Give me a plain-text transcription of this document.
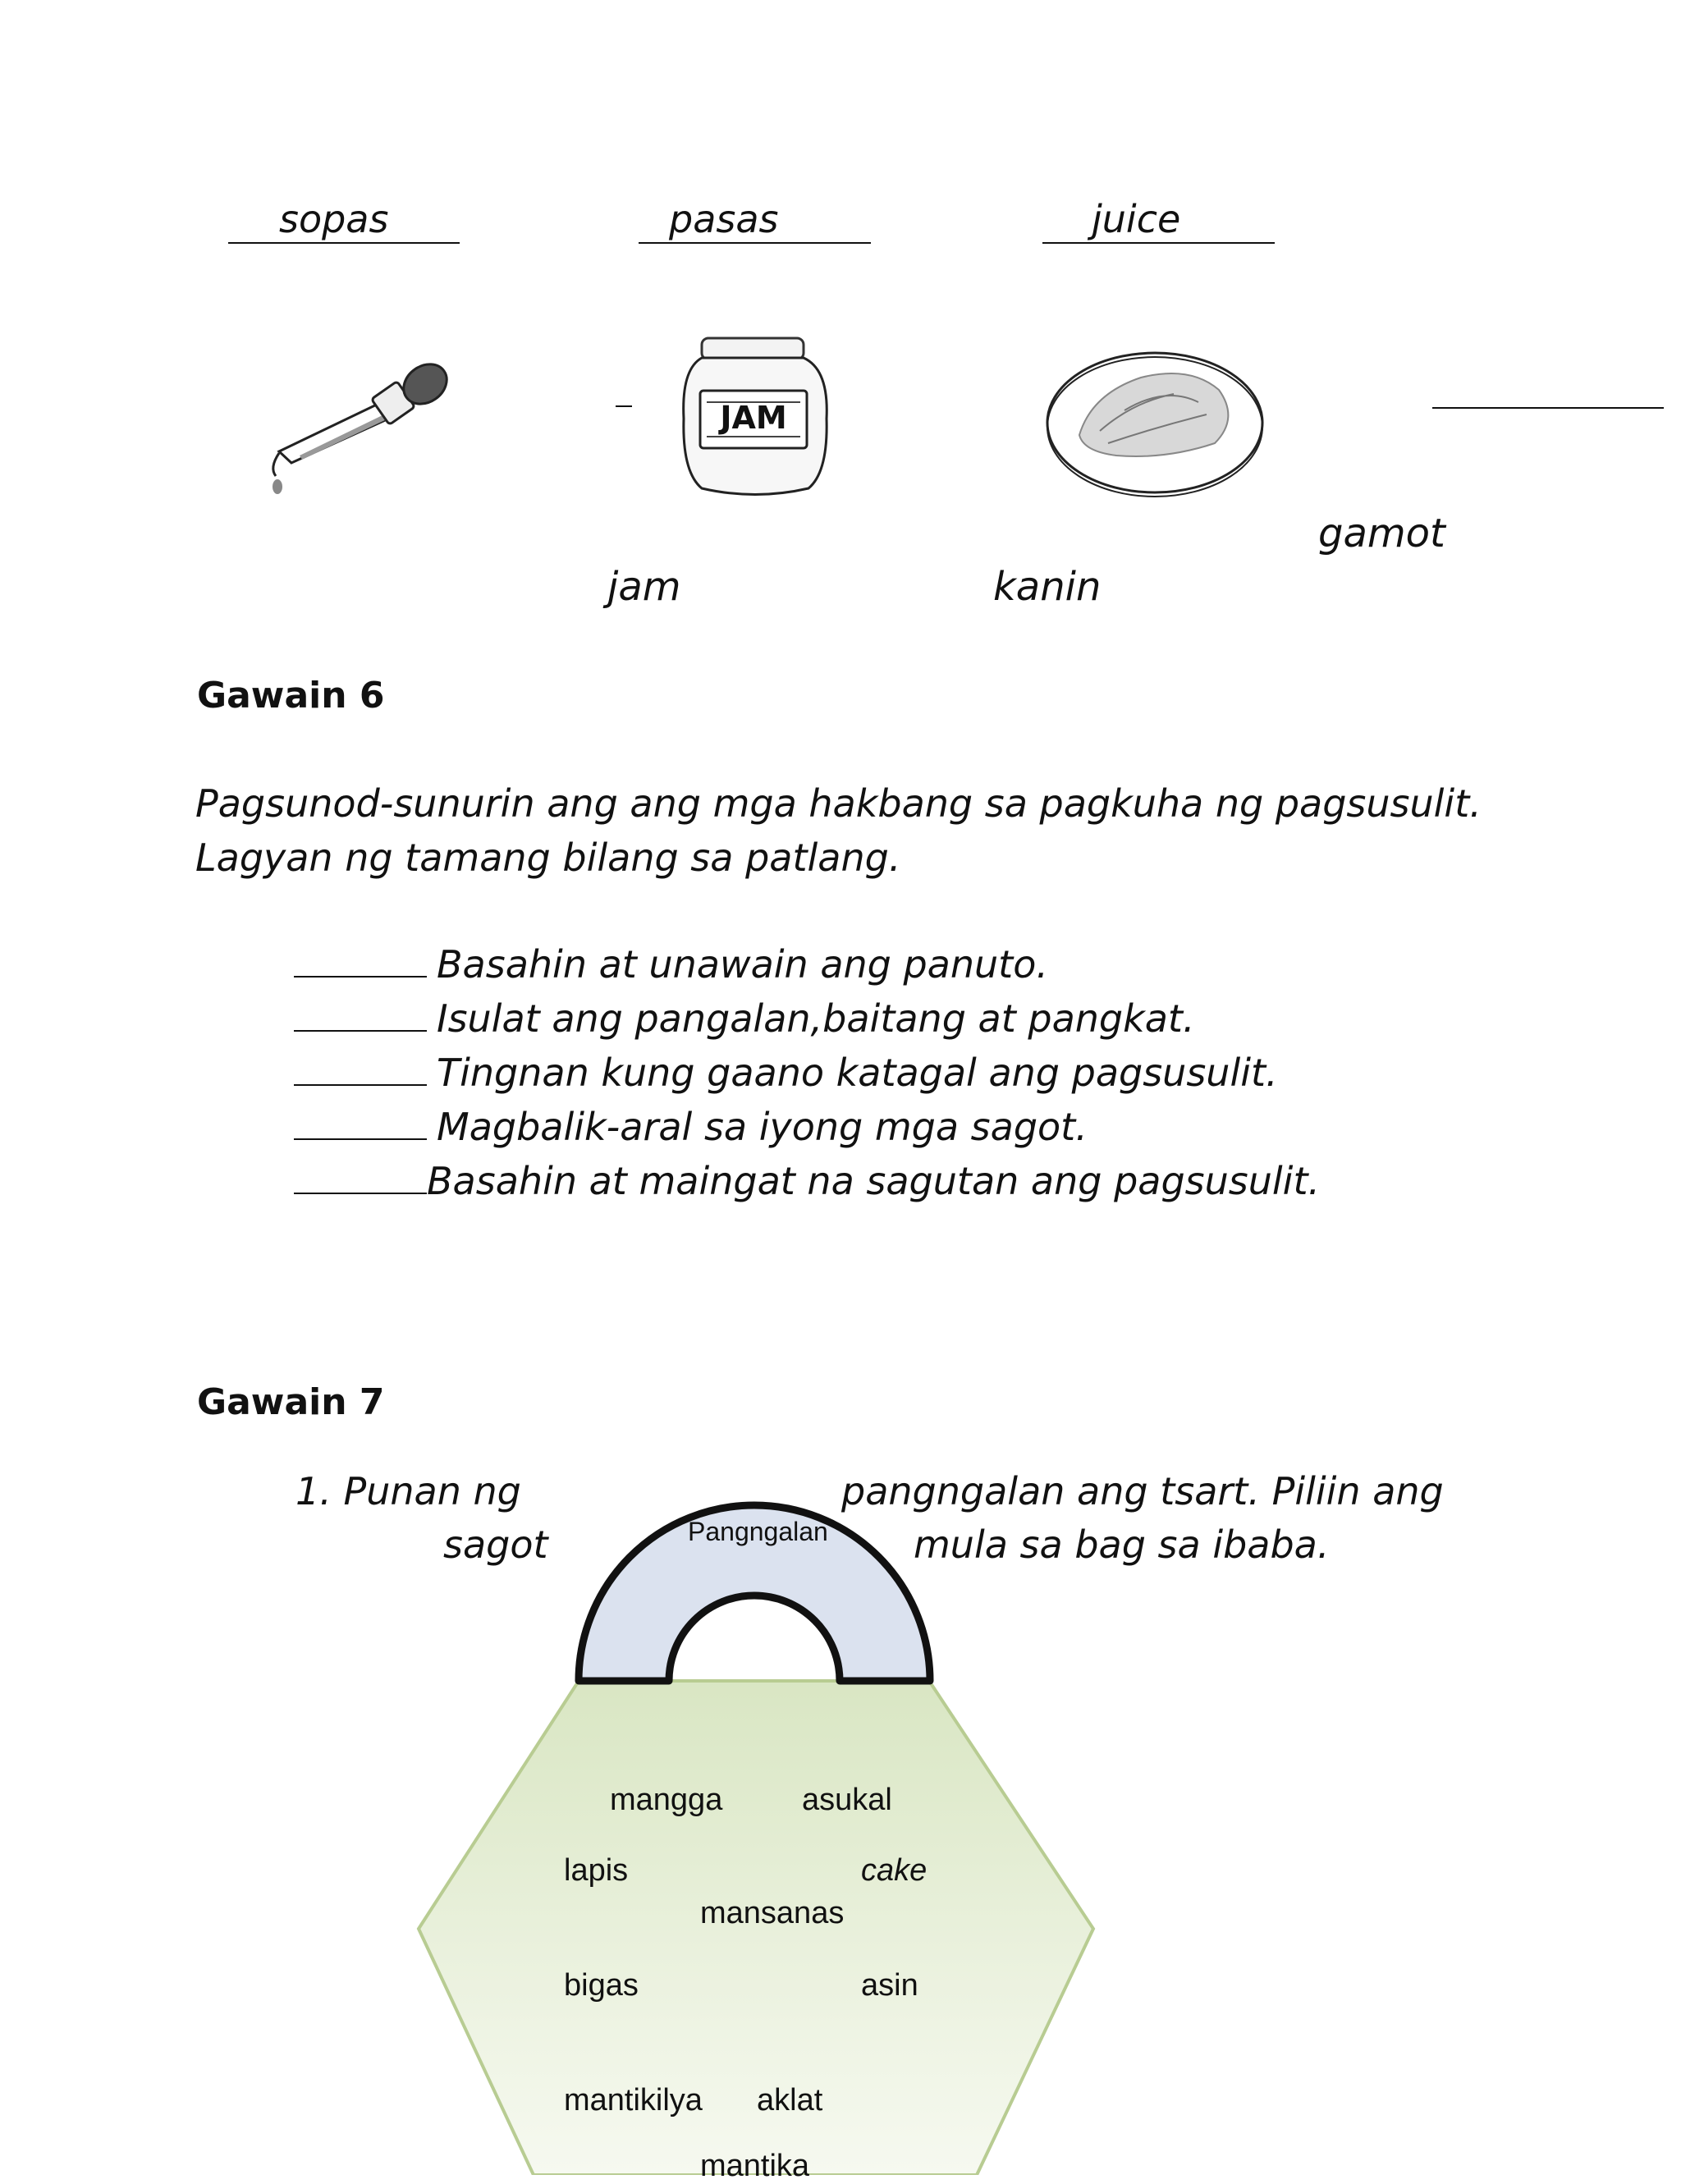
sopas	pasas	juice
JAM
gamot
jam	kanin
Gawain 6
Pagsunod-sunurin ang ang mga hakbang sa pagkuha ng pagsusulit.
Lagyan ng tamang bilang sa patlang.
Basahin at unawain ang panuto.
Isulat ang pangalan,baitang at pangkat.
Tingnan kung gaano katagal ang pagsusulit.
Magbalik-aral sa iyong mga sagot.
Basahin at maingat na sagutan ang pagsusulit.
Gawain 7
1. Punan ng	pangngalan ang tsart. Piliin ang
sagot	mula sa bag sa ibaba.
Pangngalan
mangga	asukal
lapis	cake
mansanas
bigas	asin
mantikilya aklat
mantika
